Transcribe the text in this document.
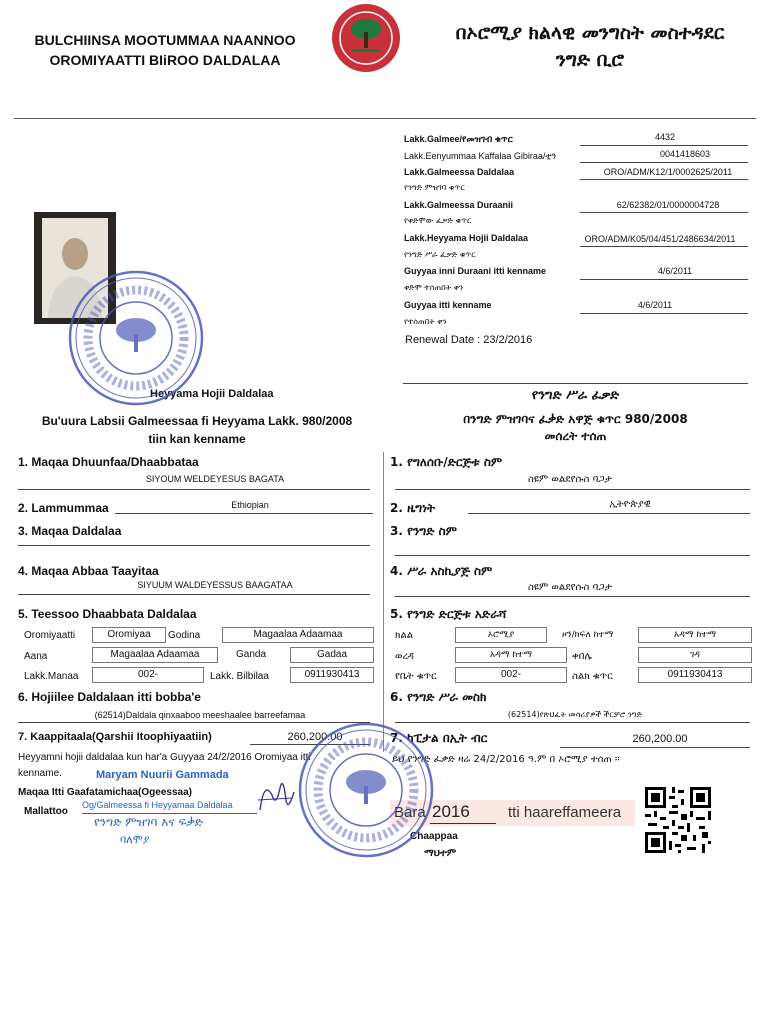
BULCHIINSA MOOTUMMAA NAANNOO
OROMIYAATTI BIiROO DALDALAA
በኦሮሚያ ክልላዊ መንግስት መስተዳደር
ንግድ ቢሮ
Lakk.Galmee/የመዝገብ ቁጥር	4432
Lakk.Eenyummaa Kaffalaa Gibiraa/ቲን	0041418603
Lakk.Galmeessa Daldalaa	ORO/ADM/K12/1/0002625/2011
የንግድ ምዝገባ ቁጥር
Lakk.Galmeessa Duraanii	62/62382/01/0000004728
የቀድሞው ፈቃድ ቁጥር
Lakk.Heyyama Hojii Daldalaa	ORO/ADM/K05/04/451/2486634/2011
የንግድ ሥራ ፈቃድ ቁጥር
Guyyaa inni Duraani itti kenname	4/6/2011
ቀድሞ ተሰጠበት ቀን
Guyyaa itti kenname	4/6/2011
የተሰጠበት ቀን
Renewal Date : 23/2/2016
Heyyama Hojii Daldalaa
Bu'uura Labsii Galmeessaa fi Heyyama Lakk. 980/2008
tiin kan kenname
የንግድ ሥራ ፈቃድ
በንግድ ምዝገባና ፈቃድ አዋጅ ቁጥር 980/2008
መሰረት ተሰጠ
1. Maqaa Dhuunfaa/Dhaabbataa
SIYOUM WELDEYESUS BAGATA
1. የግለሰቡ/ድርጅቱ ስም
ስዩም ወልደየሱስ ባጋታ
2. Lammummaa	Ethiopian	2. ዜግነት	ኢትዮጵያዊ
3. Maqaa Daldalaa	3. የንግድ ስም
4. Maqaa Abbaa Taayitaa
SIYUUM WALDEYESSUS BAAGATAA
4. ሥራ አስኪያጅ ስም
ስዩም ወልደየሱስ ባጋታ
5. Teessoo Dhaabbata Daldalaa	5. የንግድ ድርጅቱ አድራሻ
Oromiyaatti	Oromiyaa	Godina	Magaalaa Adaamaa
Aana	Magaalaa Adaamaa	Ganda	Gadaa
Lakk.Manaa	002-	Lakk. Bilbilaa	0911930413
ክልል	ኦሮሚያ	ዞን/ክፍለ ከተማ	አዳማ ከተማ
ወረዳ	አዳማ ከተማ	ቀበሌ	ገዳ
የቤት ቁጥር	002-	ስልክ ቁጥር	0911930413
6. Hojiilee Daldalaan itti bobba'e
(62514)Daldala qinxaaboo meeshaalee barreefamaa
6. የንግድ ሥራ መስክ
(62514)የጽህፈት መሳሪያዎች ችርቻሮ ንግድ
7. Kaappitaala(Qarshii Itoophiyaatiin)	260,200.00	7. ካፒታል በኢት ብር	260,200.00
Heyyamni hojii daldalaa kun har'a Guyyaa 24/2/2016 Oromiyaa itti
kenname.
ይህ የንግድ ፈቃድ ዛሬ 24/2/2016 ዓ.ም በ ኦሮሚያ ተሰጠ ።
Maryam Nuurii Gammada
Maqaa Itti Gaafatamichaa(Ogeessaa)
Mallattoo
Og/Galmeessa fi Heyyamaa Daldalaa
የንግድ ምዝገባ እና ፍቃድ
ባለሞያ
Bara 2016	tti haareffameera
Chaappaa
ማህተም
